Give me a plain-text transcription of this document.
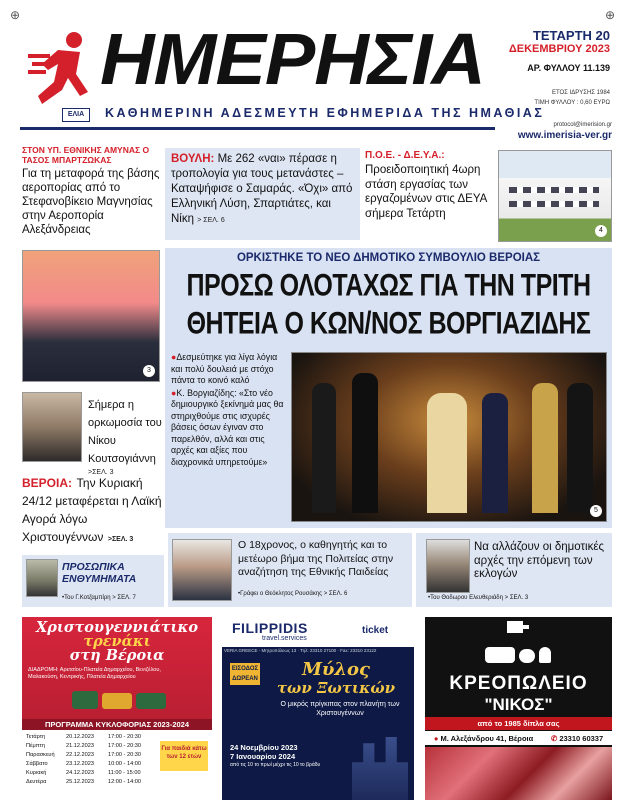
⊕	⊕
ΗΜΕΡΗΣΙΑ
ΚΑΘΗΜΕΡΙΝΗ ΑΔΕΣΜΕΥΤΗ ΕΦΗΜΕΡΙΔΑ ΤΗΣ ΗΜΑΘΙΑΣ
ΕΛΙΑ
ΤΕΤΑΡΤΗ 20
ΔΕΚΕΜΒΡΙΟΥ 2023
ΑΡ. ΦΥΛΛΟΥ 11.139
ΕΤΟΣ ΙΔΡΥΣΗΣ 1984
ΤΙΜΗ ΦΥΛΛΟΥ : 0,60 ΕΥΡΩ
protocol@imerision.gr
www.imerisia-ver.gr
ΣΤΟΝ ΥΠ. ΕΘΝΙΚΗΣ ΑΜΥΝΑΣ Ο ΤΑΣΟΣ ΜΠΑΡΤΖΩΚΑΣ
Για τη μεταφορά της βάσης αεροπορίας από το Στεφανοβίκειο Μαγνησίας στην Αεροπορία Αλεξάνδρειας
3
ΒΟΥΛΗ: Με 262 «ναι» πέρασε η τροπολογία για τους μετανάστες – Καταψήφισε ο Σαμαράς. «Όχι» από Ελληνική Λύση, Σπαρτιάτες, και Νίκη > ΣΕΛ. 6
Π.Ο.Ε. - Δ.Ε.Υ.Α.:
Προειδοποιητική 4ωρη στάση εργασίας των εργαζομένων στις ΔΕΥΑ σήμερα Τετάρτη
4
Σήμερα η ορκωμοσία του Νίκου Κουτσογιάννη
>ΣΕΛ. 3
ΒΕΡΟΙΑ: Την Κυριακή 24/12 μεταφέρεται η Λαϊκή Αγορά λόγω Χριστουγέννων >ΣΕΛ. 3
ΟΡΚΙΣΤΗΚΕ ΤΟ ΝΕΟ ΔΗΜΟΤΙΚΟ ΣΥΜΒΟΥΛΙΟ ΒΕΡΟΙΑΣ
ΠΡΟΣΩ ΟΛΟΤΑΧΩΣ ΓΙΑ ΤΗΝ ΤΡΙΤΗ
ΘΗΤΕΙΑ Ο ΚΩΝ/ΝΟΣ ΒΟΡΓΙΑΖΙΔΗΣ
●Δεσμεύτηκε για λίγα λόγια και πολύ δουλειά με στόχο πάντα το κοινό καλό
●Κ. Βοργιαζίδης: «Στο νέο δημιουργικό ξεκίνημά μας θα στηριχθούμε στις ισχυρές βάσεις όσων έγιναν στο παρελθόν, αλλά και στις αρχές και αξίες που διαχρονικά υπηρετούμε»
5
ΠΡΟΣΩΠΙΚΑ ΕΝΘΥΜΗΜΑΤΑ
•Του Γ.Κοτζαμπίρη > ΣΕΛ. 7
Ο 18χρονος, ο καθηγητής και το μετέωρο βήμα της Πολιτείας στην αναζήτηση της Εθνικής Παιδείας
•Γράφει ο Θεόκλητος Ρουσάκης > ΣΕΛ. 6
Να αλλάζουν οι δημοτικές αρχές την επόμενη των εκλογών
•Του Θοδωρου Ελευθεριάδη > ΣΕΛ. 3
Χριστουγεννιάτικο
τρενάκι
στη Βέροια
ΔΙΑΔΡΟΜΗ: Αρετσίου-Πλατεία Δημαρχείου, Βενιζέλου, Μαλακούση, Κεντρικής, Πλατεία Δημαρχείου
ΠΡΟΓΡΑΜΜΑ ΚΥΚΛΟΦΟΡΙΑΣ 2023-2024
Τετάρτη	20.12.2023	17:00 - 20:30
Πέμπτη	21.12.2023	17:00 - 20:30
Παρασκευή	22.12.2023	17:00 - 20:30
Σάββατο	23.12.2023	10:00 - 14:00
Κυριακή	24.12.2023	11:00 - 15:00
Δευτέρα	25.12.2023	12:00 - 14:00
Για παιδιά κάτω των 12 ετών
FILIPPIDIS
travel.services
ticket
VERIA GREECE - Μητροπόλεως 13 · Τηλ: 23310 27100 · Fax: 23310 23122
ΕΙΣΟΔΟΣ ΔΩΡΕΑΝ	Μύλος
των Ξωτικών
Ο μικρός πρίγκιπας στον πλανήτη των Χριστουγέννων
24 Νοεμβρίου 2023
7 Ιανουαρίου 2024
από τις 10 το πρωί μέχρι τις 10 το βράδυ
ΚΡΕΟΠΩΛΕΙΟ
"ΝΙΚΟΣ"
από το 1985 δίπλα σας
● Μ. Αλεξάνδρου 41, Βέροια ✆ 23310 60337
